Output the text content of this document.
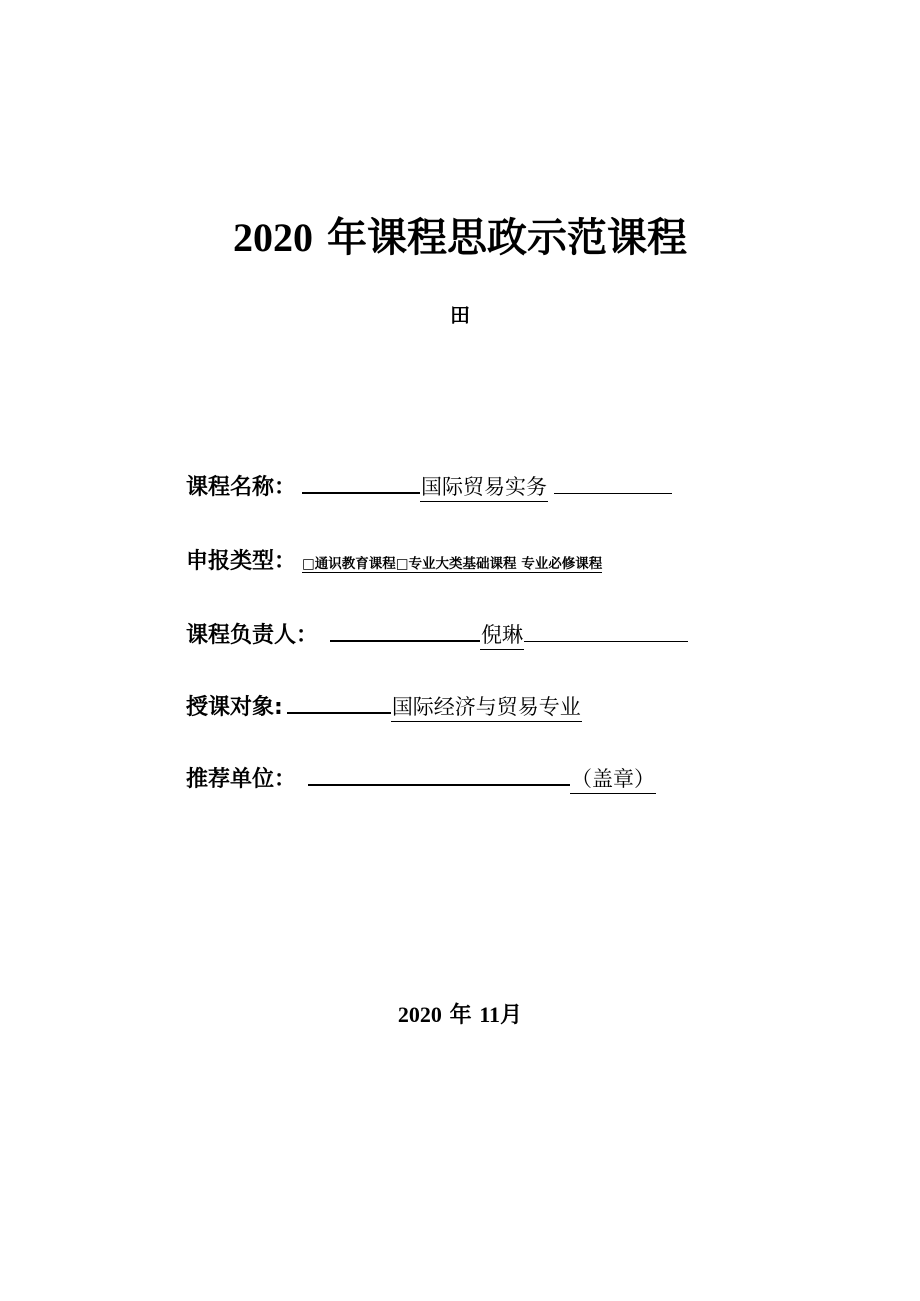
2020 年课程思政示范课程
田
课程名称：	国际贸易实务
申报类型： □通识教育课程□专业大类基础课程 专业必修课程
课程负责人：	倪琳
授课对象:	国际经济与贸易专业
推荐单位：	（盖章）
2020 年 11月
